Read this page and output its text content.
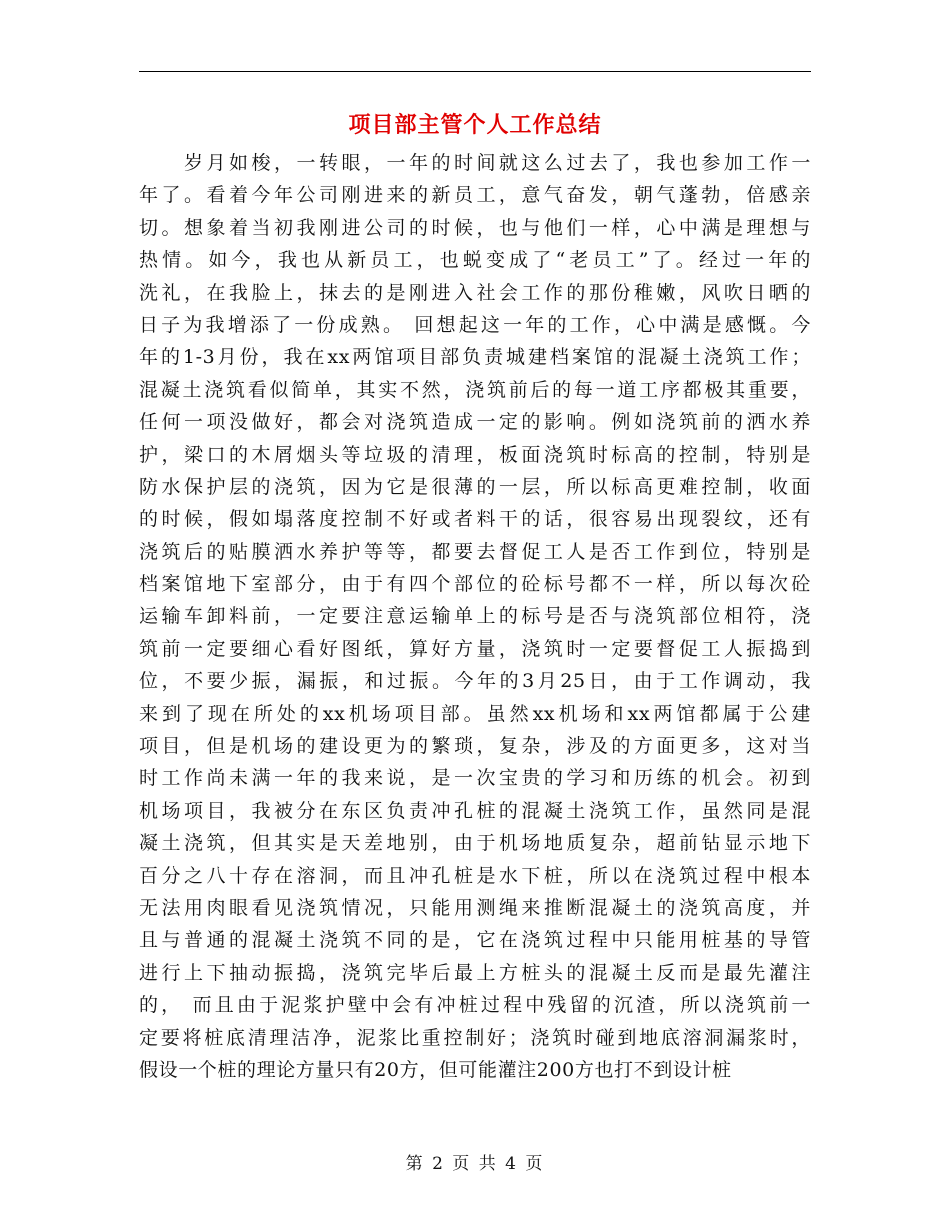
项目部主管个人工作总结
　　岁月如梭，一转眼，一年的时间就这么过去了，我也参加工作一
年了。看着今年公司刚进来的新员工，意气奋发，朝气蓬勃，倍感亲
切。想象着当初我刚进公司的时候，也与他们一样，心中满是理想与
热情。如今，我也从新员工，也蜕变成了“老员工”了。经过一年的
洗礼，在我脸上，抹去的是刚进入社会工作的那份稚嫩，风吹日晒的
日子为我增添了一份成熟。 回想起这一年的工作，心中满是感慨。今
年的1-3月份，我在xx两馆项目部负责城建档案馆的混凝土浇筑工作；
混凝土浇筑看似简单，其实不然，浇筑前后的每一道工序都极其重要，
任何一项没做好，都会对浇筑造成一定的影响。例如浇筑前的洒水养
护，梁口的木屑烟头等垃圾的清理，板面浇筑时标高的控制，特别是
防水保护层的浇筑，因为它是很薄的一层，所以标高更难控制，收面
的时候，假如塌落度控制不好或者料干的话，很容易出现裂纹，还有
浇筑后的贴膜洒水养护等等，都要去督促工人是否工作到位，特别是
档案馆地下室部分，由于有四个部位的砼标号都不一样，所以每次砼
运输车卸料前，一定要注意运输单上的标号是否与浇筑部位相符，浇
筑前一定要细心看好图纸，算好方量，浇筑时一定要督促工人振捣到
位，不要少振，漏振，和过振。今年的3月25日，由于工作调动，我
来到了现在所处的xx机场项目部。虽然xx机场和xx两馆都属于公建
项目，但是机场的建设更为的繁琐，复杂，涉及的方面更多，这对当
时工作尚未满一年的我来说，是一次宝贵的学习和历练的机会。初到
机场项目，我被分在东区负责冲孔桩的混凝土浇筑工作，虽然同是混
凝土浇筑，但其实是天差地别，由于机场地质复杂，超前钻显示地下
百分之八十存在溶洞，而且冲孔桩是水下桩，所以在浇筑过程中根本
无法用肉眼看见浇筑情况，只能用测绳来推断混凝土的浇筑高度，并
且与普通的混凝土浇筑不同的是，它在浇筑过程中只能用桩基的导管
进行上下抽动振捣，浇筑完毕后最上方桩头的混凝土反而是最先灌注
的， 而且由于泥浆护壁中会有冲桩过程中残留的沉渣，所以浇筑前一
定要将桩底清理洁净，泥浆比重控制好；浇筑时碰到地底溶洞漏浆时，
假设一个桩的理论方量只有20方，但可能灌注200方也打不到设计桩
第 2 页 共 4 页
